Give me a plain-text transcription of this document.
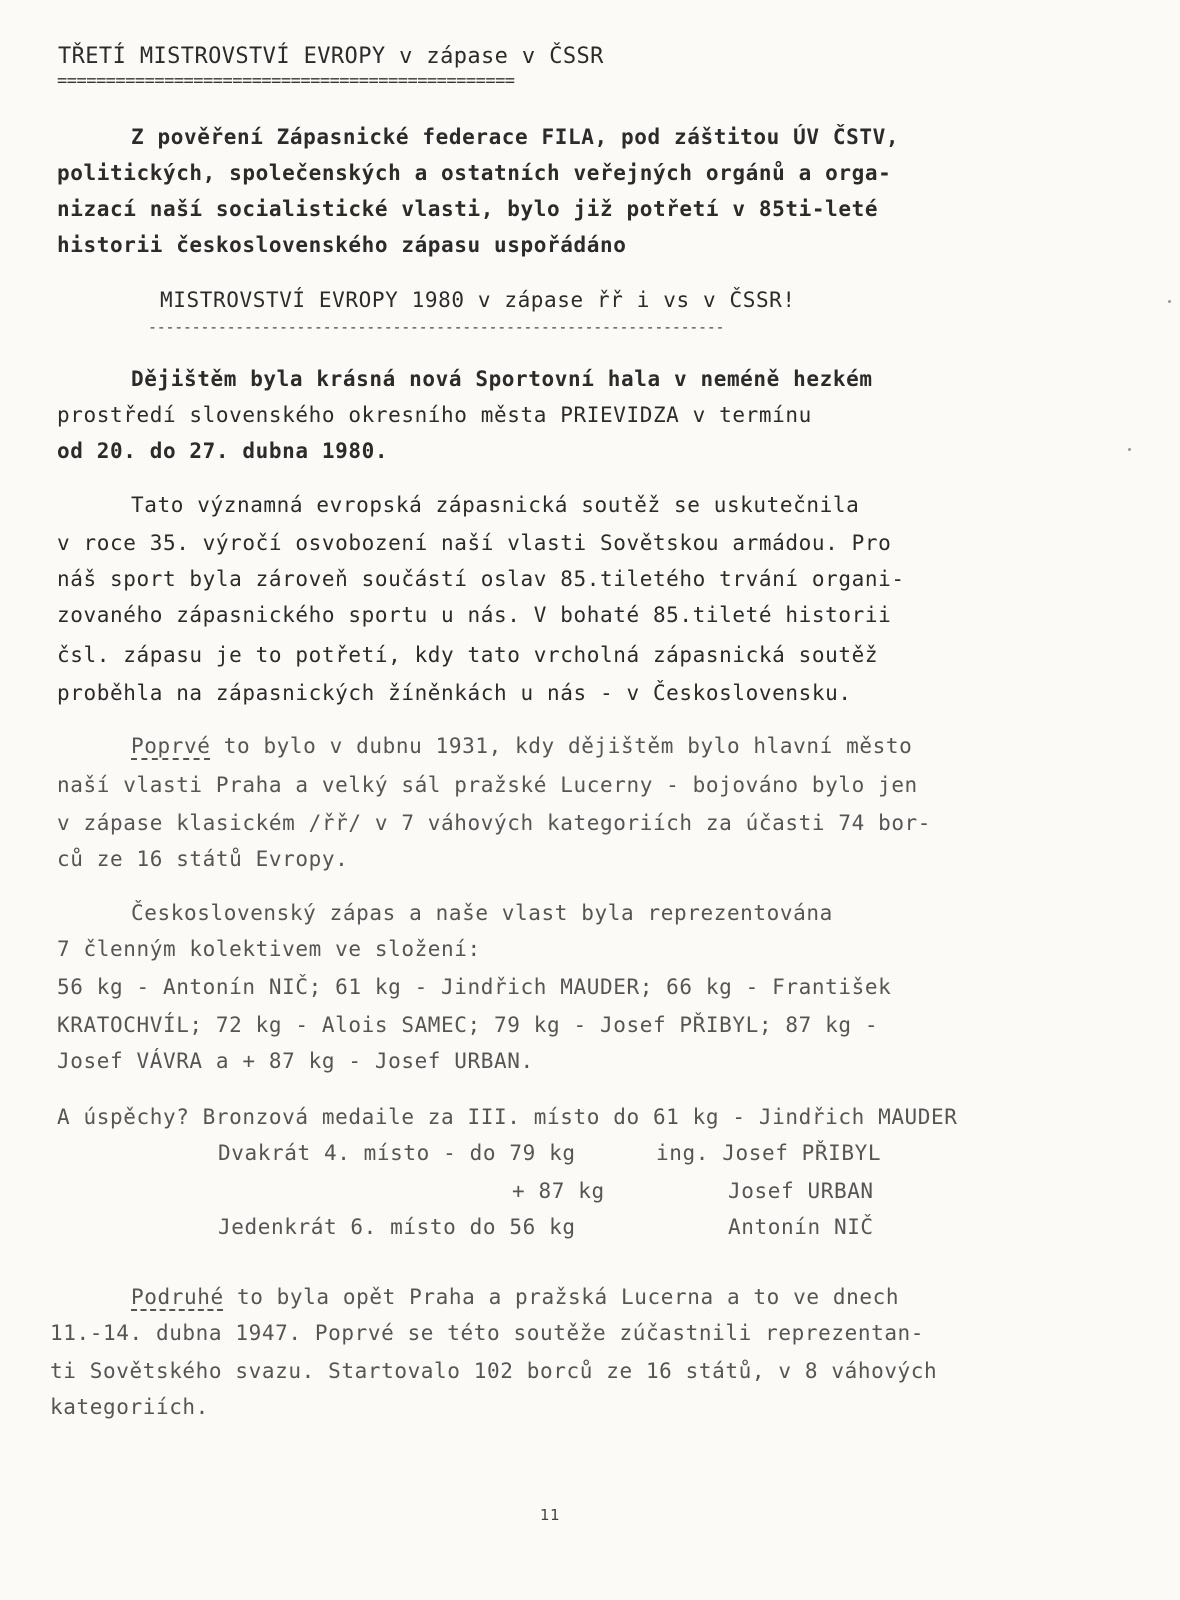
TŘETÍ MISTROVSTVÍ EVROPY v zápase v ČSSR
===============================================
Z pověření Zápasnické federace FILA, pod záštitou ÚV ČSTV,
politických, společenských a ostatních veřejných orgánů a orga-
nizací naší socialistické vlasti, bylo již potřetí v 85ti-leté
historii československého zápasu uspořádáno
MISTROVSTVÍ EVROPY 1980 v zápase řř i vs v ČSSR!
------------------------------------------------------------------
Dějištěm byla krásná nová Sportovní hala v neméně hezkém
prostředí slovenského okresního města PRIEVIDZA v termínu
od 20. do 27. dubna 1980.
Tato významná evropská zápasnická soutěž se uskutečnila
v roce 35. výročí osvobození naší vlasti Sovětskou armádou. Pro
náš sport byla zároveň součástí oslav 85.tiletého trvání organi-
zovaného zápasnického sportu u nás. V bohaté 85.tileté historii
čsl. zápasu je to potřetí, kdy tato vrcholná zápasnická soutěž
proběhla na zápasnických žíněnkách u nás - v Československu.
Poprvé to bylo v dubnu 1931, kdy dějištěm bylo hlavní město
naší vlasti Praha a velký sál pražské Lucerny - bojováno bylo jen
v zápase klasickém /řř/ v 7 váhových kategoriích za účasti 74 bor-
ců ze 16 států Evropy.
Československý zápas a naše vlast byla reprezentována
7 členným kolektivem ve složení:
56 kg - Antonín NIČ; 61 kg - Jindřich MAUDER; 66 kg - František
KRATOCHVÍL; 72 kg - Alois SAMEC; 79 kg - Josef PŘIBYL; 87 kg -
Josef VÁVRA a + 87 kg - Josef URBAN.
A úspěchy? Bronzová medaile za III. místo do 61 kg - Jindřich MAUDER
Dvakrát 4. místo - do 79 kg	ing. Josef PŘIBYL
+ 87 kg	Josef URBAN
Jedenkrát 6. místo do 56 kg	Antonín NIČ
Podruhé to byla opět Praha a pražská Lucerna a to ve dnech
11.-14. dubna 1947. Poprvé se této soutěže zúčastnili reprezentan-
ti Sovětského svazu. Startovalo 102 borců ze 16 států, v 8 váhových
kategoriích.
11
